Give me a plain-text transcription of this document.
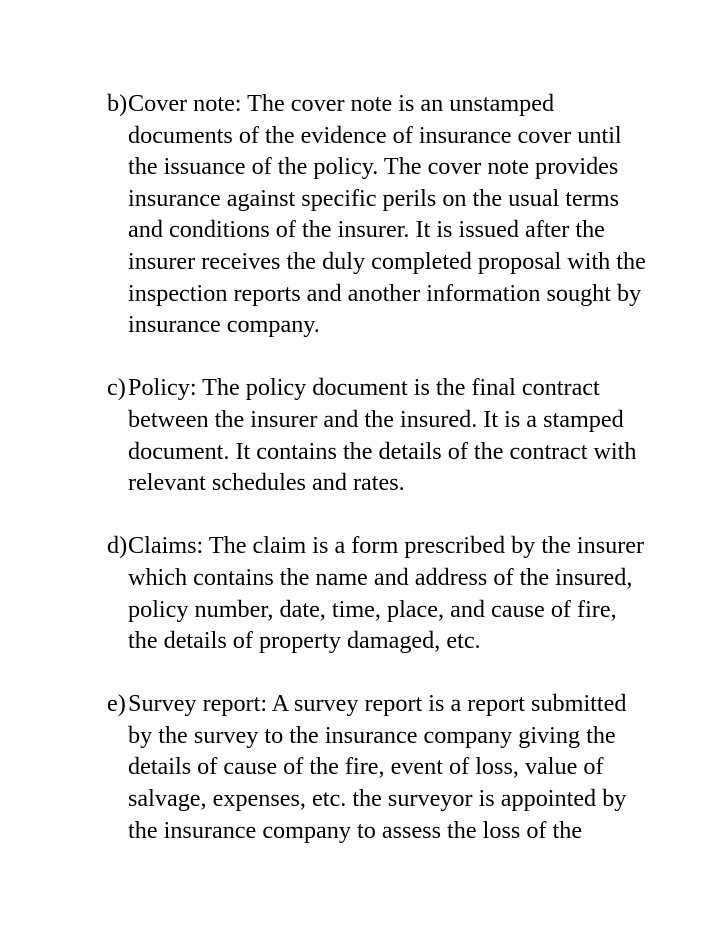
b) Cover note: The cover note is an unstamped
documents of the evidence of insurance cover until
the issuance of the policy. The cover note provides
insurance against specific perils on the usual terms
and conditions of the insurer. It is issued after the
insurer receives the duly completed proposal with the
inspection reports and another information sought by
insurance company.
c) Policy: The policy document is the final contract
between the insurer and the insured. It is a stamped
document. It contains the details of the contract with
relevant schedules and rates.
d) Claims: The claim is a form prescribed by the insurer
which contains the name and address of the insured,
policy number, date, time, place, and cause of fire,
the details of property damaged, etc.
e) Survey report: A survey report is a report submitted
by the survey to the insurance company giving the
details of cause of the fire, event of loss, value of
salvage, expenses, etc. the surveyor is appointed by
the insurance company to assess the loss of the
